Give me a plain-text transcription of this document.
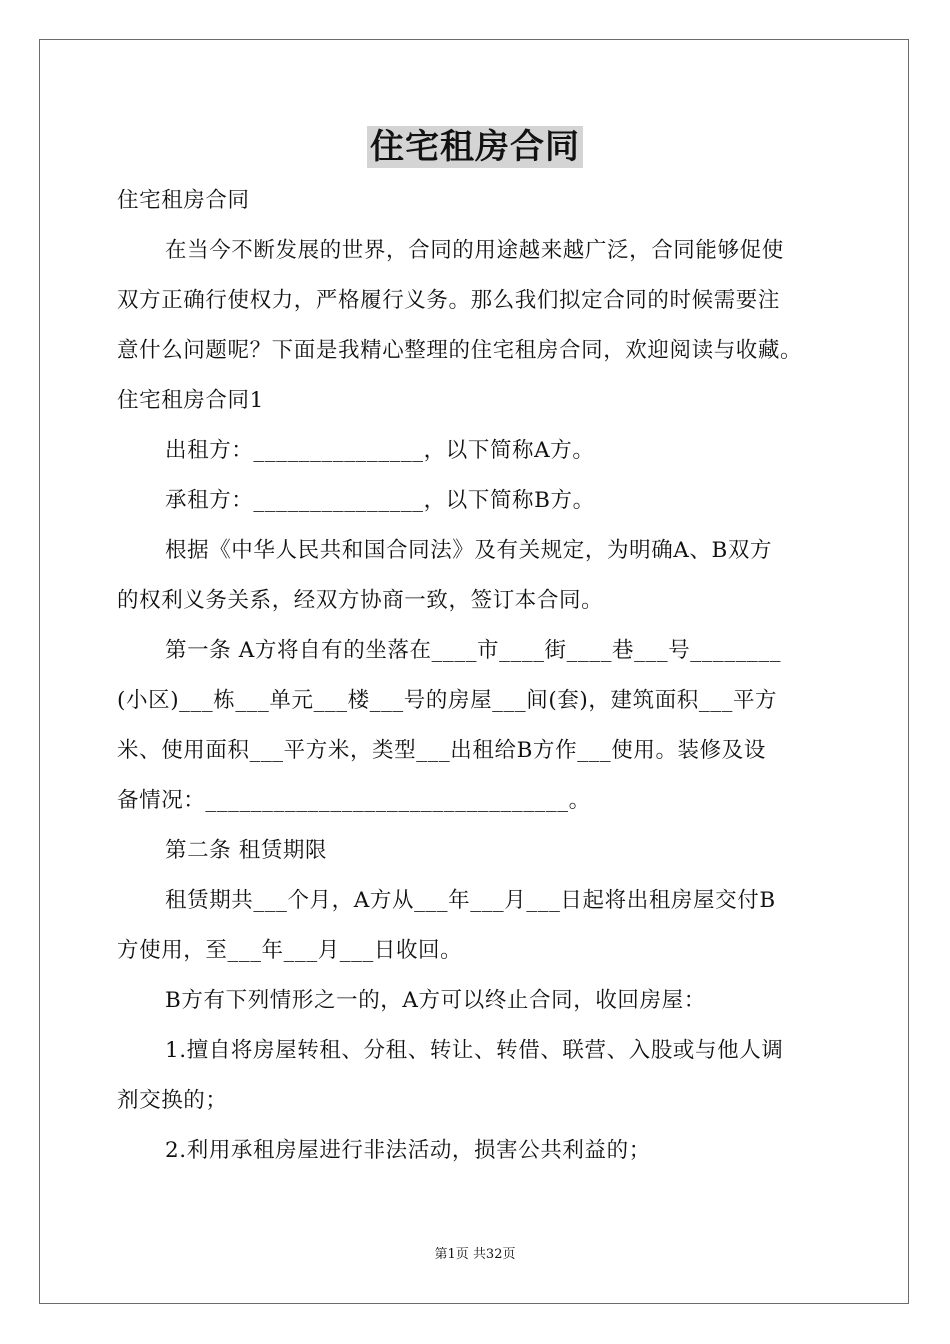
住宅租房合同

住宅租房合同

在当今不断发展的世界，合同的用途越来越广泛，合同能够促使

双方正确行使权力，严格履行义务。那么我们拟定合同的时候需要注

意什么问题呢？下面是我精心整理的住宅租房合同，欢迎阅读与收藏。

住宅租房合同1

出租方：_______________，以下简称A方。

承租方：_______________，以下简称B方。

根据《中华人民共和国合同法》及有关规定，为明确A、B双方

的权利义务关系，经双方协商一致，签订本合同。

第一条 A方将自有的坐落在____市____街____巷___号________

(小区)___栋___单元___楼___号的房屋___间(套)，建筑面积___平方

米、使用面积___平方米，类型___出租给B方作___使用。装修及设

备情况：________________________________。

第二条 租赁期限

租赁期共___个月，A方从___年___月___日起将出租房屋交付B

方使用，至___年___月___日收回。

B方有下列情形之一的，A方可以终止合同，收回房屋：

1.擅自将房屋转租、分租、转让、转借、联营、入股或与他人调

剂交换的；

2.利用承租房屋进行非法活动，损害公共利益的；

第1页 共32页
